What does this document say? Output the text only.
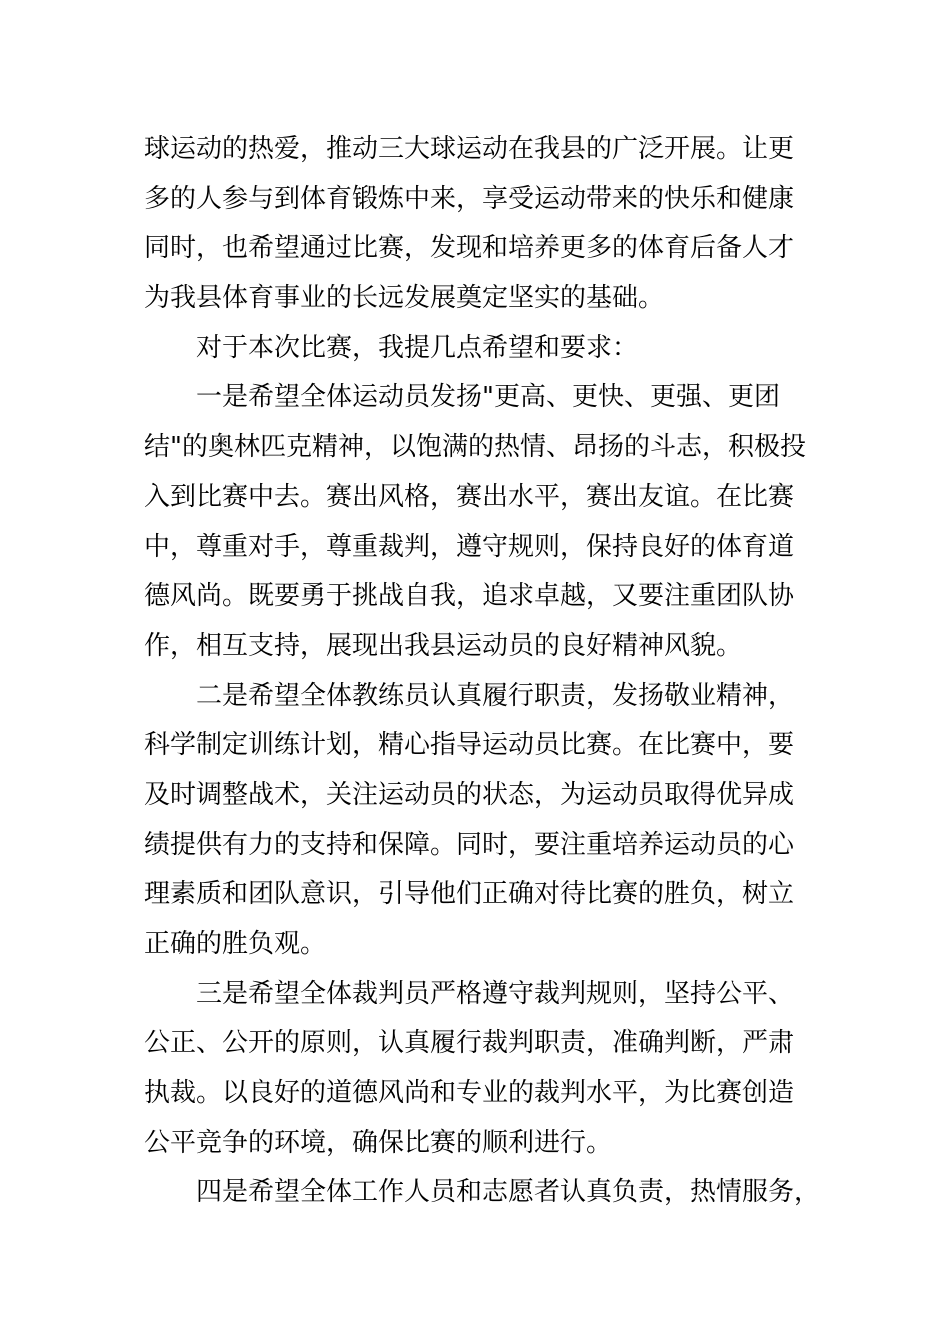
球运动的热爱，推动三大球运动在我县的广泛开展。让更
多的人参与到体育锻炼中来，享受运动带来的快乐和健康
同时，也希望通过比赛，发现和培养更多的体育后备人才
为我县体育事业的长远发展奠定坚实的基础。
对于本次比赛，我提几点希望和要求：
一是希望全体运动员发扬"更高、更快、更强、更团
结"的奥林匹克精神，以饱满的热情、昂扬的斗志，积极投
入到比赛中去。赛出风格，赛出水平，赛出友谊。在比赛
中，尊重对手，尊重裁判，遵守规则，保持良好的体育道
德风尚。既要勇于挑战自我，追求卓越，又要注重团队协
作，相互支持，展现出我县运动员的良好精神风貌。
二是希望全体教练员认真履行职责，发扬敬业精神，
科学制定训练计划，精心指导运动员比赛。在比赛中，要
及时调整战术，关注运动员的状态，为运动员取得优异成
绩提供有力的支持和保障。同时，要注重培养运动员的心
理素质和团队意识，引导他们正确对待比赛的胜负，树立
正确的胜负观。
三是希望全体裁判员严格遵守裁判规则，坚持公平、
公正、公开的原则，认真履行裁判职责，准确判断，严肃
执裁。以良好的道德风尚和专业的裁判水平，为比赛创造
公平竞争的环境，确保比赛的顺利进行。
四是希望全体工作人员和志愿者认真负责，热情服务，
